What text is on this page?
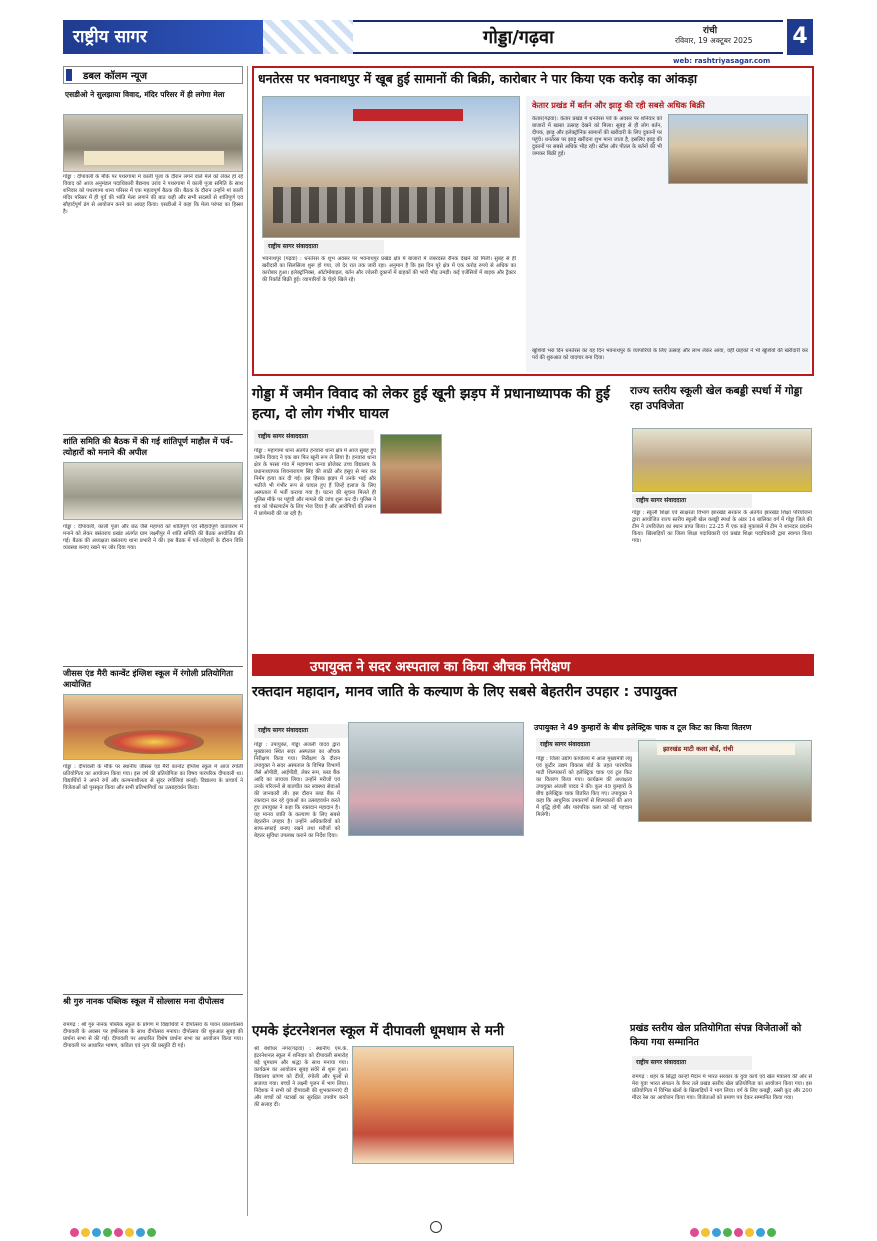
राष्ट्रीय सागर	गोड्डा/गढ़वा	रांची
रविवार, 19 अक्टूबर 2025 4
web: rashtriyasagar.com
डबल कॉलम न्यूज
एसडीओ ने सुलझाया विवाद, मंदिर परिसर में ही लगेगा मेला
गोड्डा : दीपावली के मौके पर पथरगामा में काली पूजा के दौरान लगने वाले मेले को लेकर हो रहे विवाद को आज अनुमंडल पदाधिकारी बैद्यनाथ उरांव ने पथरगामा में काली पूजा समिति के साथ शनिवार को पथरगामा थाना परिसर में एक महत्वपूर्ण बैठक की। बैठक के दौरान उन्होंने मां काली मंदिर परिसर में ही पूर्व की भांति मेला लगाने की बात कही और सभी सदस्यों से शांतिपूर्ण एवं सौहार्दपूर्ण ढंग से आयोजन करने का आग्रह किया। एसडीओ ने कहा कि मेला परंपरा का हिस्सा है।
शांति समिति की बैठक में की गई शांतिपूर्ण माहौल में पर्व- त्योहारों को मनाने की अपील
गोड्डा : दीपावली, काली पूजा और छठ जैसे महापर्व को शांतिपूर्ण एवं सौहार्दपूर्ण वातावरण में मनाने को लेकर बसंतराय प्रखंड अंतर्गत ग्राम लक्ष्मीपुर में शांति समिति की बैठक आयोजित की गई। बैठक की अध्यक्षता बसंतराय थाना प्रभारी ने की। इस बैठक में पर्व-त्योहारों के दौरान विधि व्यवस्था बनाए रखने पर जोर दिया गया।
जीसस एंड मैरी कान्वेंट इंग्लिश स्कूल में रंगोली प्रतियोगिता आयोजित
गोड्डा : दीपावली के मौके पर स्थानीय जीसस एंड मैरी कान्वेंट इंग्लिश स्कूल में आज रंगोली प्रतियोगिता का आयोजन किया गया। इस वर्ष की प्रतियोगिता का विषय पारंपरिक दीपावली था। विद्यार्थियों ने अपने रंगों और कल्पनाशीलता से सुंदर रंगोलियां बनाईं। विद्यालय के प्राचार्य ने विजेताओं को पुरस्कृत किया और सभी प्रतिभागियों का उत्साहवर्धन किया।
श्री गुरु नानक पब्लिक स्कूल में सोल्लास मना दीपोत्सव
रामगढ़ : श्री गुरु नानक पब्लिक स्कूल के प्रांगण में विद्यार्थियों ने दीपोत्सव के पावन प्रकाशोत्सव दीपावली के अवसर पर हर्षोल्लास के साथ दीपोत्सव मनाया। दीपोत्सव की शुरुआत सुबह की प्रार्थना सभा से की गई। दीपावली पर आधारित विशेष प्रार्थना सभा का आयोजन किया गया। दीपावली पर आधारित भाषण, कविता एवं नृत्य की प्रस्तुति दी गई।
धनतेरस पर भवनाथपुर में खूब हुई सामानों की बिक्री, कारोबार ने पार किया एक करोड़ का आंकड़ा
राष्ट्रीय सागर संवाददाता
भवनाथपुर (गढ़वा) : धनतेरस के शुभ अवसर पर भवनाथपुर प्रखंड क्षेत्र में बाजारों में जबरदस्त रौनक देखने को मिली। सुबह से ही खरीदारी का सिलसिला शुरू हो गया, जो देर रात तक जारी रहा। अनुमान है कि इस दिन पूरे क्षेत्र में एक करोड़ रुपये से अधिक का कारोबार हुआ। इलेक्ट्रॉनिक्स, ऑटोमोबाइल, बर्तन और ज्वेलरी दुकानों में ग्राहकों की भारी भीड़ उमड़ी। कई एजेंसियों में बाइक और ट्रैक्टर की रिकॉर्ड बिक्री हुई। व्यापारियों के चेहरे खिले रहे।
केतार प्रखंड में बर्तन और झाड़ू की रही सबसे अधिक बिक्री
केतार(गढ़वा): केतार प्रखंड में धनतेरस पर्व के अवसर पर शनिवार को बाजारों में खासा उत्साह देखने को मिला। सुबह से ही लोग बर्तन, दीपक, झाड़ू और इलेक्ट्रॉनिक सामानों की खरीदारी के लिए दुकानों पर पहुंचे। धनतेरस पर झाड़ू खरीदना शुभ माना जाता है, इसलिए झाड़ू की दुकानों पर सबसे अधिक भीड़ रही। स्टील और पीतल के बर्तनों की भी जमकर बिक्री हुई।
खुशियों भरा दिन धनतेरस का यह दिन भवनाथपुर के व्यापारियों के लिए उत्साह और लाभ लेकर आया, वहीं ग्राहकों ने भी खुशियों की खरीदारी कर पर्व की शुरुआत को यादगार बना दिया।
गोड्डा में जमीन विवाद को लेकर हुई खूनी झड़प में प्रधानाध्यापक की हुई हत्या, दो लोग गंभीर घायल
राष्ट्रीय सागर संवाददाता
गोड्डा : महागामा थाना अंतर्गत हनवारा थाना क्षेत्र में आज सुबह हुए जमीन विवाद ने एक बार फिर खूनी रूप ले लिया है। हनवारा थाना क्षेत्र के परसा गांव में महागामा कन्या प्रोजेक्ट उच्च विद्यालय के प्रधानाध्यापक शिवनारायण सिंह की लाठी और हंसुए से मार कर निर्मम हत्या कर दी गई। इस हिंसक झड़प में उनके भाई और भतीजे भी गंभीर रूप से घायल हुए हैं जिन्हें इलाज के लिए अस्पताल में भर्ती कराया गया है। घटना की सूचना मिलते ही पुलिस मौके पर पहुंची और मामले की जांच शुरू कर दी। पुलिस ने शव को पोस्टमार्टम के लिए भेज दिया है और आरोपियों की तलाश में छापेमारी की जा रही है।
राज्य स्तरीय स्कूली खेल कबड्डी स्पर्धा में गोड्डा रहा उपविजेता
राष्ट्रीय सागर संवाददाता
गोड्डा : स्कूली शिक्षा एवं साक्षरता विभाग झारखंड सरकार के अंतर्गत झारखंड शिक्षा परियोजना द्वारा आयोजित राज्य स्तरीय स्कूली खेल कबड्डी स्पर्धा के अंडर 14 बालिका वर्ग में गोड्डा जिले की टीम ने उपविजेता का स्थान प्राप्त किया। 22-25 मैं एक कड़े मुकाबले में टीम ने शानदार प्रदर्शन किया। खिलाड़ियों का जिला शिक्षा पदाधिकारी एवं प्रखंड शिक्षा पदाधिकारी द्वारा स्वागत किया गया।
उपायुक्त ने सदर अस्पताल का किया औचक निरीक्षण
रक्तदान महादान, मानव जाति के कल्याण के लिए सबसे बेहतरीन उपहार : उपायुक्त
राष्ट्रीय सागर संवाददाता
गोड्डा : उपायुक्त, गोड्डा अंजली यादव द्वारा मुख्यालय स्थित सदर अस्पताल का औचक निरीक्षण किया गया। निरीक्षण के दौरान उपायुक्त ने सदर अस्पताल के विभिन्न विभागों जैसे ओपीडी, आईपीडी, लेबर रूम, ब्लड बैंक आदि का जायजा लिया। उन्होंने मरीजों एवं उनके परिजनों से बातचीत कर स्वास्थ्य सेवाओं की जानकारी ली। इस दौरान ब्लड बैंक में रक्तदान कर रहे युवाओं का उत्साहवर्धन करते हुए उपायुक्त ने कहा कि रक्तदान महादान है। यह मानव जाति के कल्याण के लिए सबसे बेहतरीन उपहार है। उन्होंने अधिकारियों को साफ-सफाई बनाए रखने तथा मरीजों को बेहतर सुविधा उपलब्ध कराने का निर्देश दिया।
उपायुक्त ने 49 कुम्हारों के बीच इलेक्ट्रिक चाक व टूल किट का किया वितरण
राष्ट्रीय सागर संवाददाता
गोड्डा : जिला उद्योग कार्यालय में आज मुख्यमंत्री लघु एवं कुटीर उद्यम विकास बोर्ड के तहत पारंपरिक माटी शिल्पकारों को इलेक्ट्रिक चाक एवं टूल किट का वितरण किया गया। कार्यक्रम की अध्यक्षता उपायुक्त अंजली यादव ने की। कुल 49 कुम्हारों के बीच इलेक्ट्रिक चाक वितरित किए गए। उपायुक्त ने कहा कि आधुनिक उपकरणों से शिल्पकारों की आय में वृद्धि होगी और पारंपरिक कला को नई पहचान मिलेगी।
झारखंड माटी कला बोर्ड, रांची
एमके इंटरनेशनल स्कूल में दीपावली धूमधाम से मनी
श्री बंशीधर नगर(गढ़वा) : स्थानीय एम.के. इंटरनेशनल स्कूल में शनिवार को दीपावली समारोह बड़े धूमधाम और श्रद्धा के साथ मनाया गया। कार्यक्रम का आयोजन सुबह सवेरे से शुरू हुआ। विद्यालय प्रांगण को दीयों, रंगोली और फूलों से सजाया गया। बच्चों ने लक्ष्मी पूजन में भाग लिया। निदेशक ने सभी को दीपावली की शुभकामनाएं दीं और बच्चों को पटाखों का सुरक्षित उपयोग करने की सलाह दी।
प्रखंड स्तरीय खेल प्रतियोगिता संपन्न विजेताओं को किया गया सम्मानित
राष्ट्रीय सागर संवाददाता
रामगढ़ : शहर के सिद्धो कान्हो मैदान में भारत सरकार के युवा कार्य एवं खेल मंत्रालय की ओर से मेरा युवा भारत संगठन के बैनर तले प्रखंड स्तरीय खेल प्रतियोगिता का आयोजन किया गया। इस प्रतियोगिता में विभिन्न खेलों के खिलाड़ियों ने भाग लिया। वर्ग के लिए कबड्डी, रस्सी कूद और 200 मीटर रेस का आयोजन किया गया। विजेताओं को प्रमाण पत्र देकर सम्मानित किया गया।
